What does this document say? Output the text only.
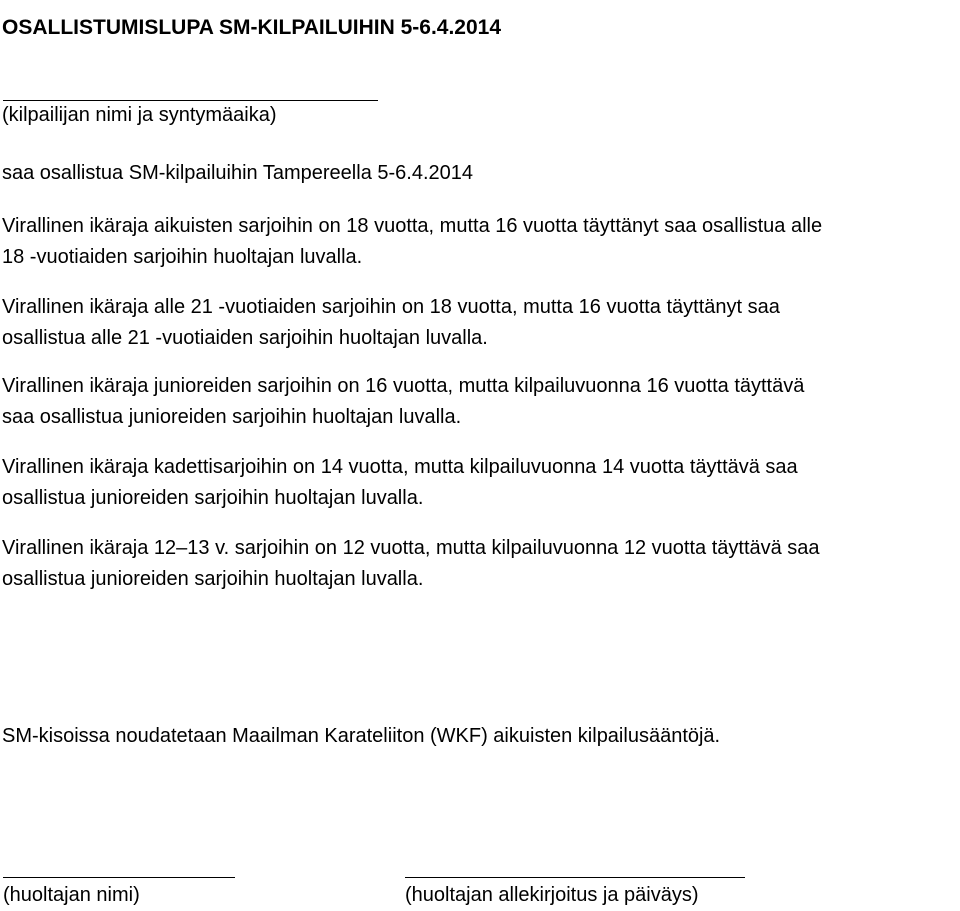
OSALLISTUMISLUPA SM-KILPAILUIHIN 5-6.4.2014
(kilpailijan nimi ja syntymäaika)
saa osallistua SM-kilpailuihin Tampereella 5-6.4.2014
Virallinen ikäraja aikuisten sarjoihin on 18 vuotta, mutta 16 vuotta täyttänyt saa osallistua alle
18 -vuotiaiden sarjoihin huoltajan luvalla.
Virallinen ikäraja alle 21 -vuotiaiden sarjoihin on 18 vuotta, mutta 16 vuotta täyttänyt saa
osallistua alle 21 -vuotiaiden sarjoihin huoltajan luvalla.
Virallinen ikäraja junioreiden sarjoihin on 16 vuotta, mutta kilpailuvuonna 16 vuotta täyttävä
saa osallistua junioreiden sarjoihin huoltajan luvalla.
Virallinen ikäraja kadettisarjoihin on 14 vuotta, mutta kilpailuvuonna 14 vuotta täyttävä saa
osallistua junioreiden sarjoihin huoltajan luvalla.
Virallinen ikäraja 12–13 v. sarjoihin on 12 vuotta, mutta kilpailuvuonna 12 vuotta täyttävä saa
osallistua junioreiden sarjoihin huoltajan luvalla.
SM-kisoissa noudatetaan Maailman Karateliiton (WKF) aikuisten kilpailusääntöjä.
(huoltajan nimi)	(huoltajan allekirjoitus ja päiväys)
